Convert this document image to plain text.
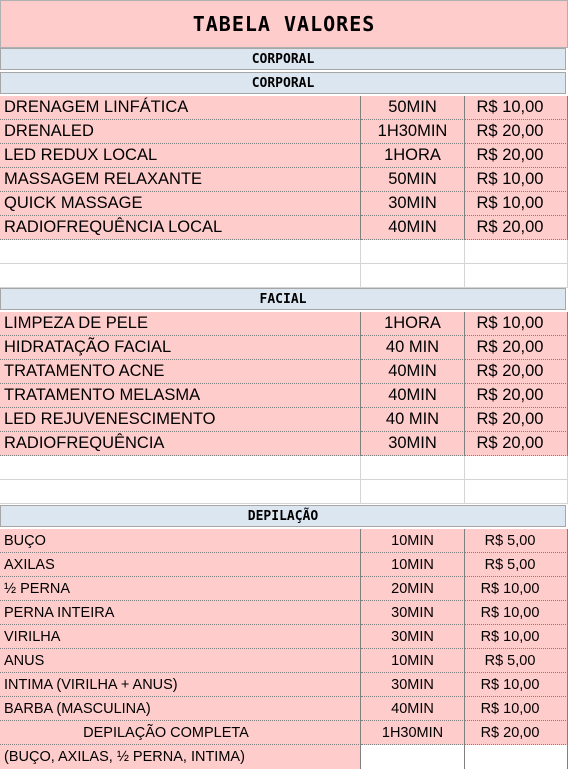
TABELA VALORES
CORPORAL
CORPORAL
DRENAGEM LINFÁTICA	50MIN	R$ 10,00
DRENALED	1H30MIN	R$ 20,00
LED REDUX LOCAL	1HORA	R$ 20,00
MASSAGEM RELAXANTE	50MIN	R$ 10,00
QUICK MASSAGE	30MIN	R$ 10,00
RADIOFREQUÊNCIA LOCAL	40MIN	R$ 20,00
FACIAL
LIMPEZA DE PELE	1HORA	R$ 10,00
HIDRATAÇÃO FACIAL	40 MIN	R$ 20,00
TRATAMENTO ACNE	40MIN	R$ 20,00
TRATAMENTO MELASMA	40MIN	R$ 20,00
LED REJUVENESCIMENTO	40 MIN	R$ 20,00
RADIOFREQUÊNCIA	30MIN	R$ 20,00
DEPILAÇÃO
BUÇO	10MIN	R$ 5,00
AXILAS	10MIN	R$ 5,00
½ PERNA	20MIN	R$ 10,00
PERNA INTEIRA	30MIN	R$ 10,00
VIRILHA	30MIN	R$ 10,00
ANUS	10MIN	R$ 5,00
INTIMA (VIRILHA + ANUS)	30MIN	R$ 10,00
BARBA (MASCULINA)	40MIN	R$ 10,00
DEPILAÇÃO COMPLETA	1H30MIN	R$ 20,00
(BUÇO, AXILAS, ½ PERNA, INTIMA)
